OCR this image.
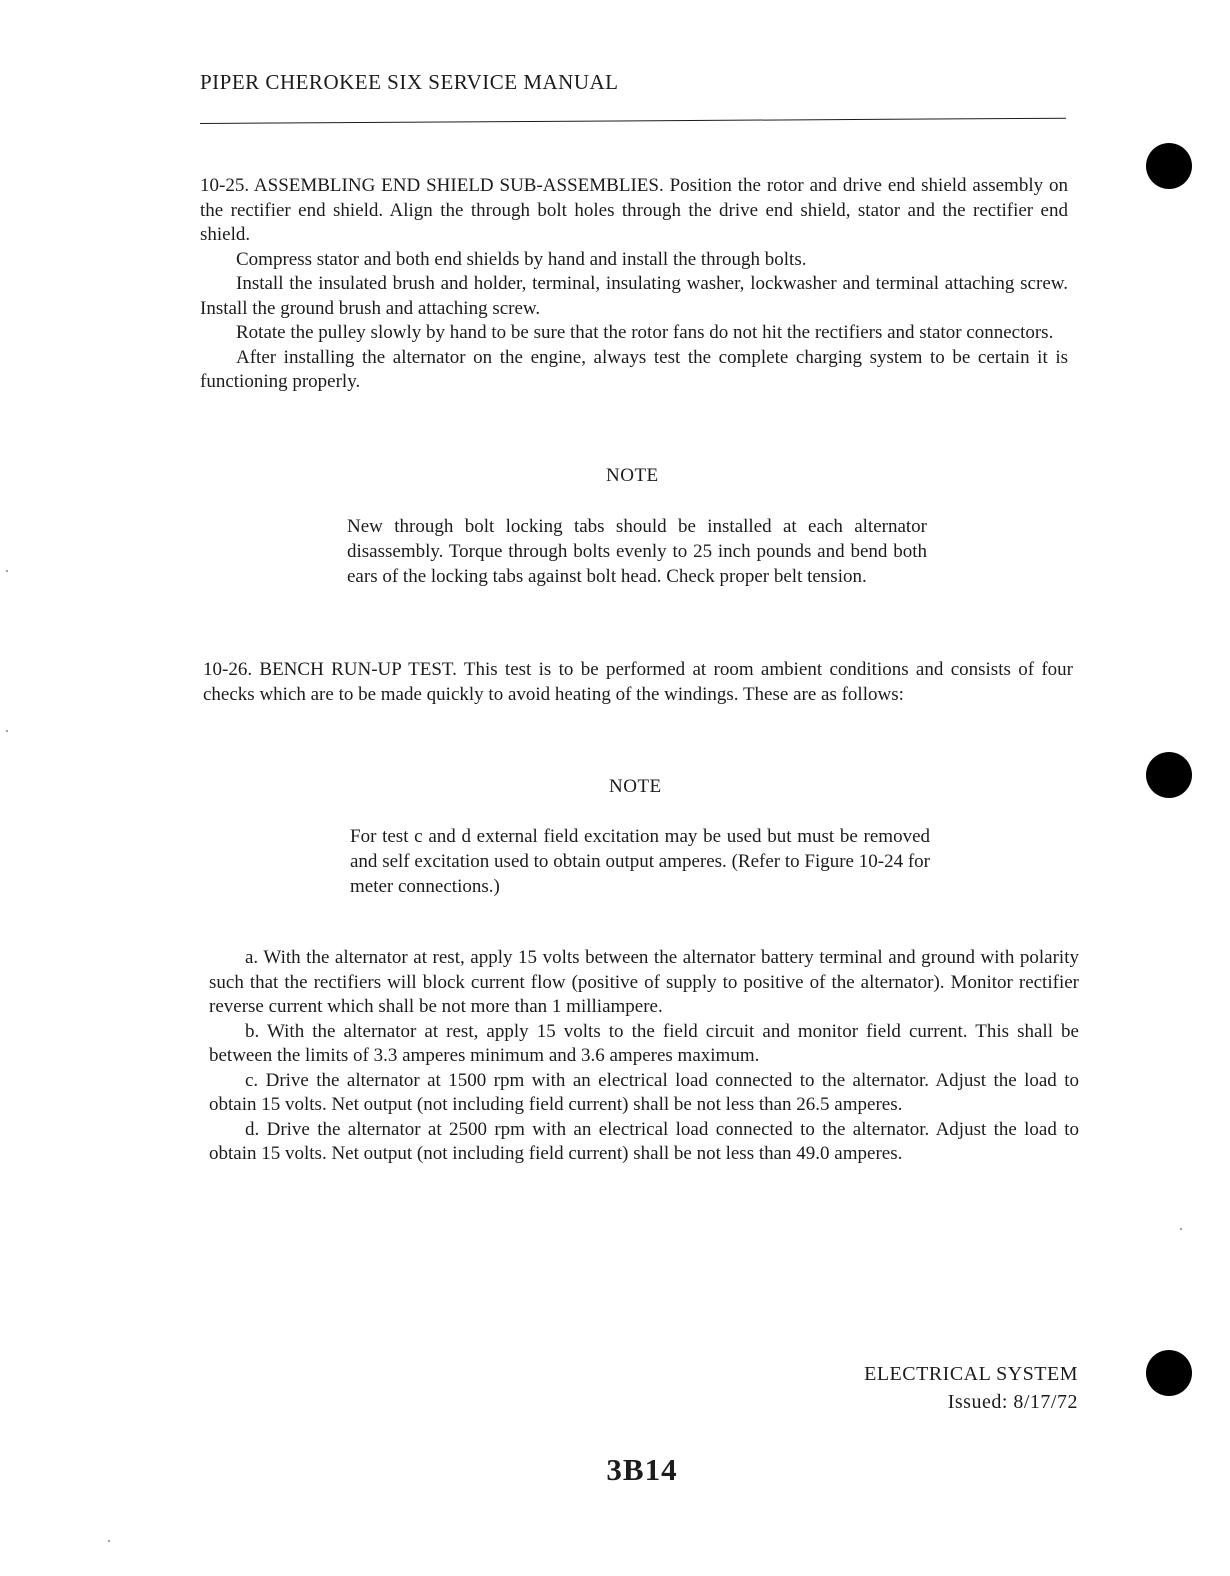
PIPER CHEROKEE SIX SERVICE MANUAL

10-25. ASSEMBLING END SHIELD SUB-ASSEMBLIES. Position the rotor and drive end shield assembly on the rectifier end shield. Align the through bolt holes through the drive end shield, stator and the rectifier end shield.

Compress stator and both end shields by hand and install the through bolts.

Install the insulated brush and holder, terminal, insulating washer, lockwasher and terminal attaching screw. Install the ground brush and attaching screw.

Rotate the pulley slowly by hand to be sure that the rotor fans do not hit the rectifiers and stator connectors.

After installing the alternator on the engine, always test the complete charging system to be certain it is functioning properly.

NOTE
New through bolt locking tabs should be installed at each alternator disassembly. Torque through bolts evenly to 25 inch pounds and bend both ears of the locking tabs against bolt head. Check proper belt tension.

10-26. BENCH RUN-UP TEST. This test is to be performed at room ambient conditions and consists of four checks which are to be made quickly to avoid heating of the windings. These are as follows:

NOTE
For test c and d external field excitation may be used but must be removed and self excitation used to obtain output amperes. (Refer to Figure 10-24 for meter connections.)

a. With the alternator at rest, apply 15 volts between the alternator battery terminal and ground with polarity such that the rectifiers will block current flow (positive of supply to positive of the alternator). Monitor rectifier reverse current which shall be not more than 1 milliampere.

b. With the alternator at rest, apply 15 volts to the field circuit and monitor field current. This shall be between the limits of 3.3 amperes minimum and 3.6 amperes maximum.

c. Drive the alternator at 1500 rpm with an electrical load connected to the alternator. Adjust the load to obtain 15 volts. Net output (not including field current) shall be not less than 26.5 amperes.

d. Drive the alternator at 2500 rpm with an electrical load connected to the alternator. Adjust the load to obtain 15 volts. Net output (not including field current) shall be not less than 49.0 amperes.

ELECTRICAL SYSTEM
Issued: 8/17/72
3B14
